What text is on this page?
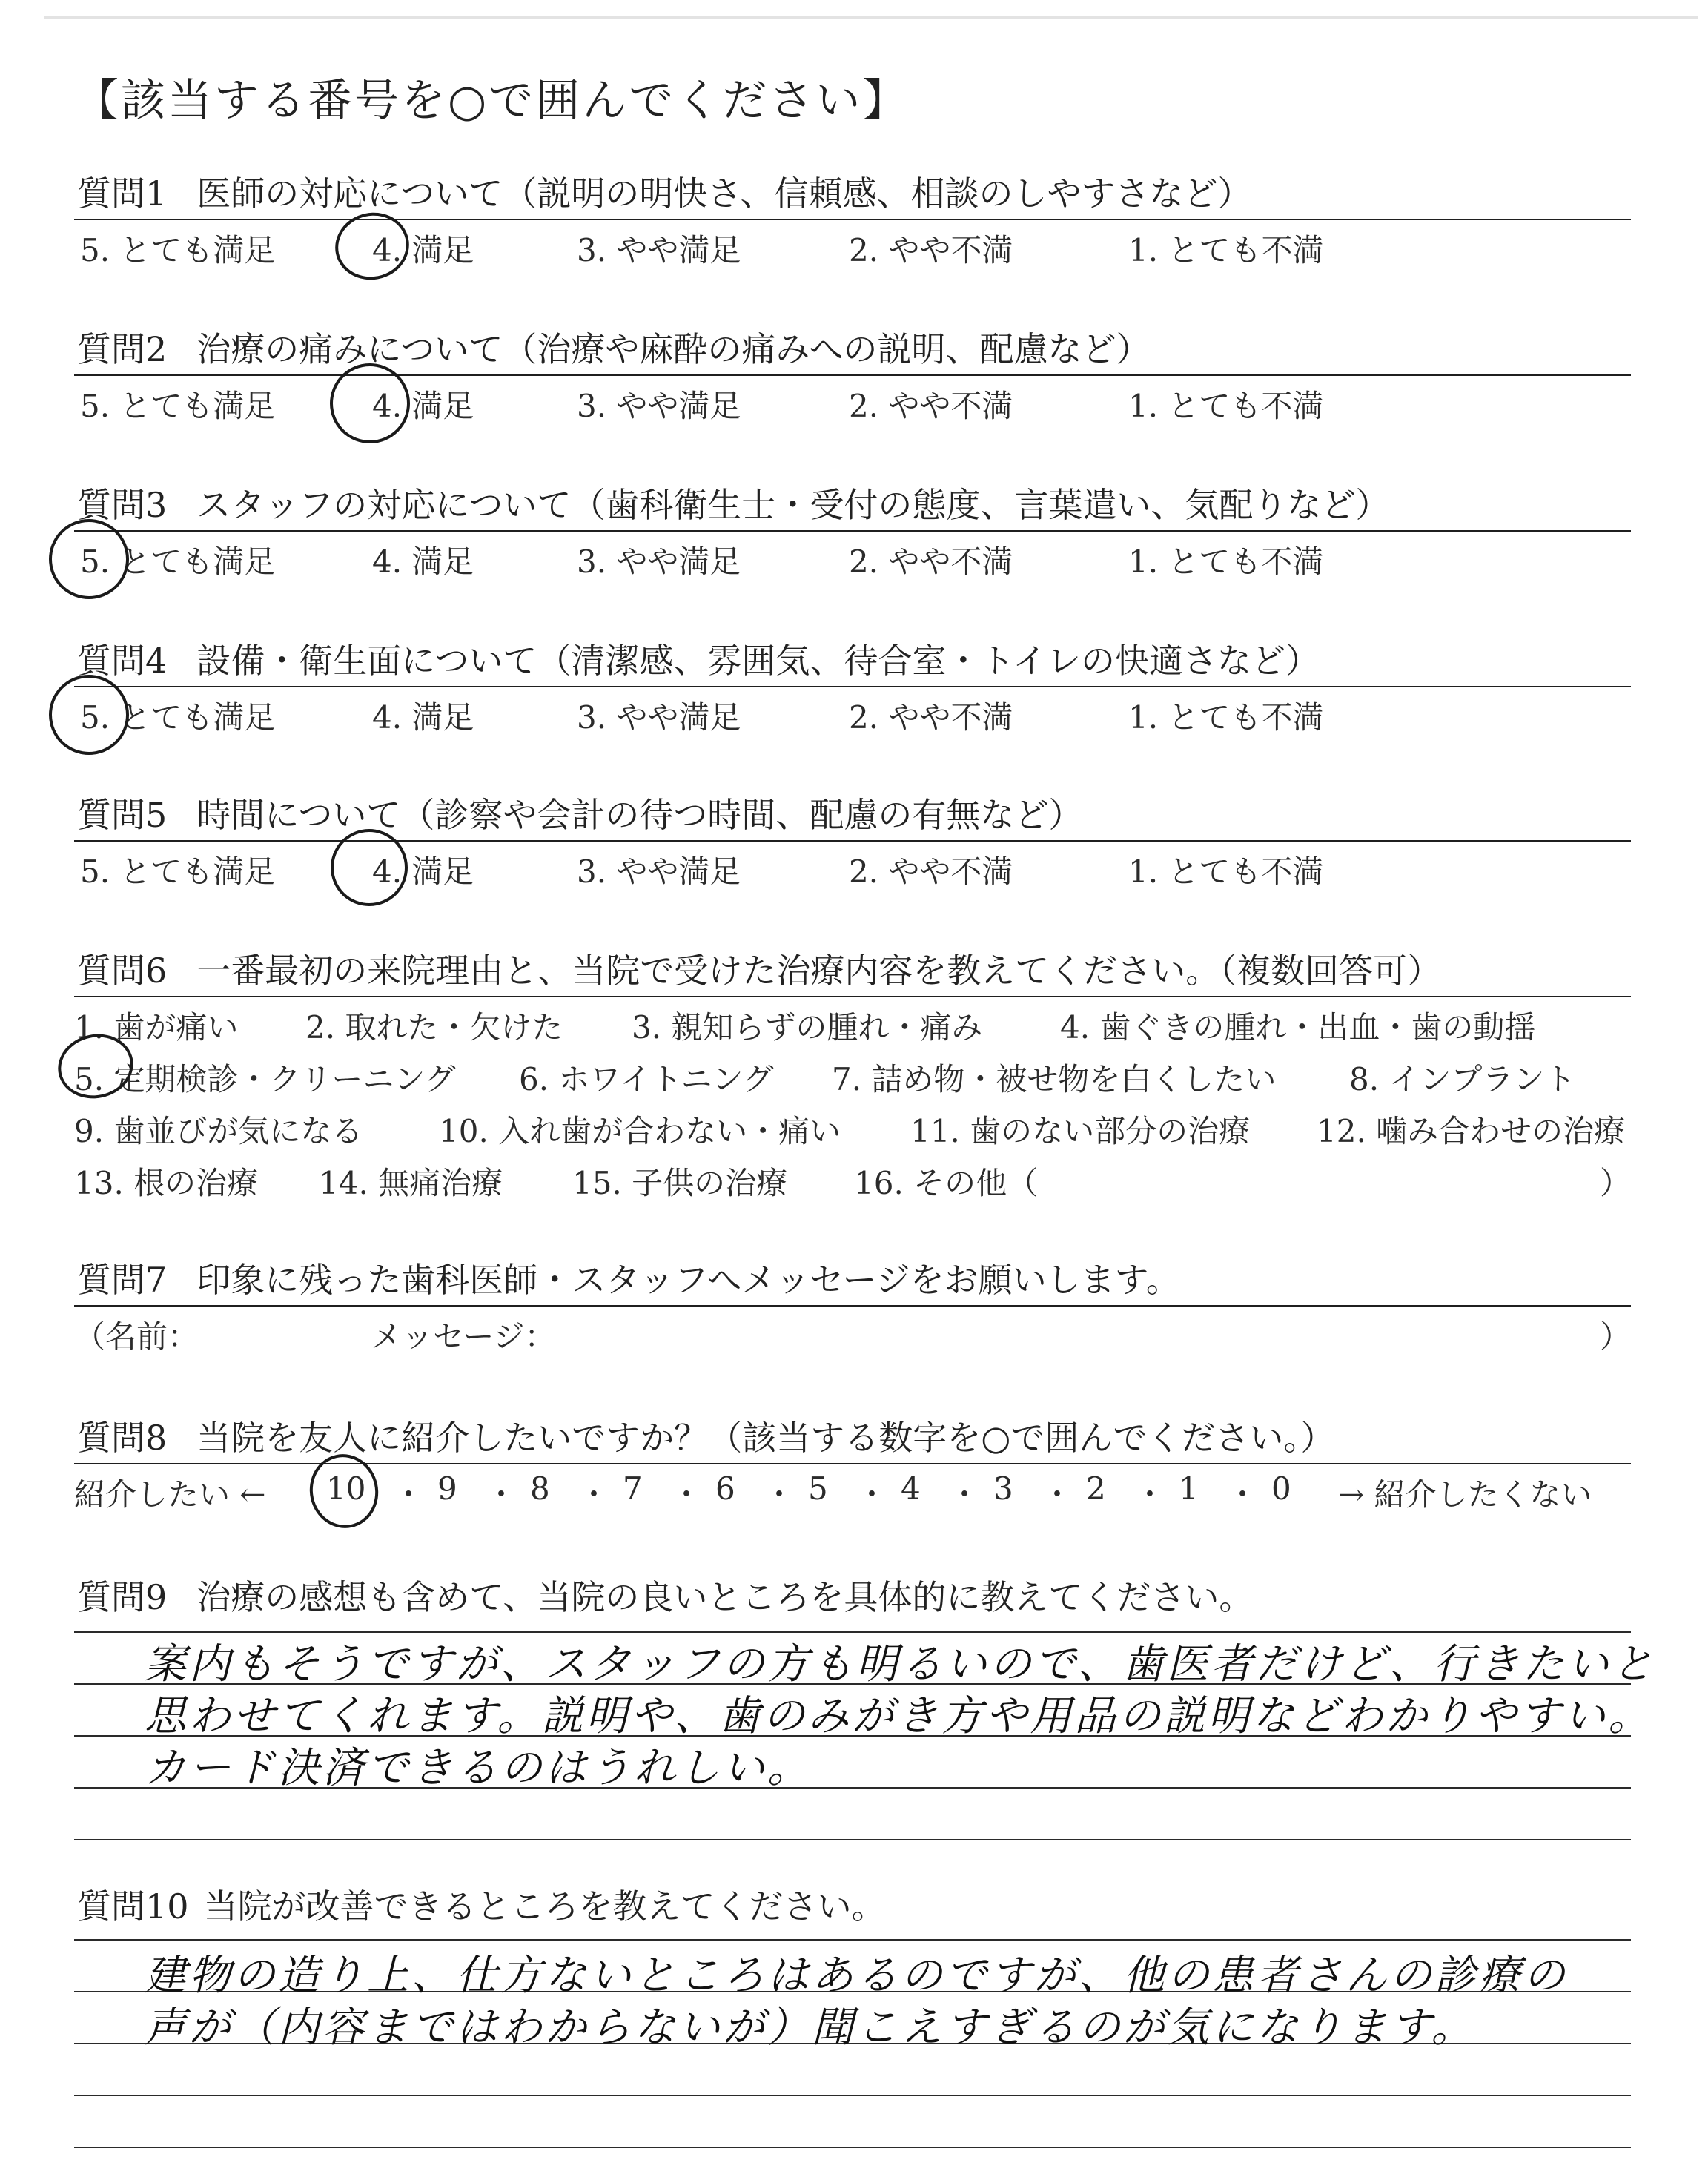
【該当する番号を○で囲んでください】
質問1 医師の対応について（説明の明快さ、信頼感、相談のしやすさなど）
5. とても満足	4. 満足	3. やや満足	2. やや不満	1. とても不満
質問2 治療の痛みについて（治療や麻酔の痛みへの説明、配慮など）
5. とても満足	4. 満足	3. やや満足	2. やや不満	1. とても不満
質問3 スタッフの対応について（歯科衛生士・受付の態度、言葉遣い、気配りなど）
5. とても満足	4. 満足	3. やや満足	2. やや不満	1. とても不満
質問4 設備・衛生面について（清潔感、雰囲気、待合室・トイレの快適さなど）
5. とても満足	4. 満足	3. やや満足	2. やや不満	1. とても不満
質問5 時間について（診察や会計の待つ時間、配慮の有無など）
5. とても満足	4. 満足	3. やや満足	2. やや不満	1. とても不満
質問6 一番最初の来院理由と、当院で受けた治療内容を教えてください。（複数回答可）
1. 歯が痛い 2. 取れた・欠けた 3. 親知らずの腫れ・痛み 4. 歯ぐきの腫れ・出血・歯の動揺
5. 定期検診・クリーニング 6. ホワイトニング 7. 詰め物・被せ物を白くしたい 8. インプラント
9. 歯並びが気になる 10. 入れ歯が合わない・痛い 11. 歯のない部分の治療 12. 噛み合わせの治療
13. 根の治療 14. 無痛治療 15. 子供の治療 16. その他（	）
質問7 印象に残った歯科医師・スタッフへメッセージをお願いします。
（名前：	メッセージ：	）
質問8 当院を友人に紹介したいですか？（該当する数字を○で囲んでください。）
紹介したい ← 10 ・ 9 ・ 8 ・ 7 ・ 6 ・ 5 ・ 4 ・ 3 ・ 2 ・ 1 ・ 0 → 紹介したくない
質問9 治療の感想も含めて、当院の良いところを具体的に教えてください。
案内もそうですが、スタッフの方も明るいので、歯医者だけど、行きたいと
思わせてくれます。説明や、歯のみがき方や用品の説明などわかりやすい。
カード決済できるのはうれしい。
質問10 当院が改善できるところを教えてください。
建物の造り上、仕方ないところはあるのですが、他の患者さんの診療の
声が（内容まではわからないが）聞こえすぎるのが気になります。
